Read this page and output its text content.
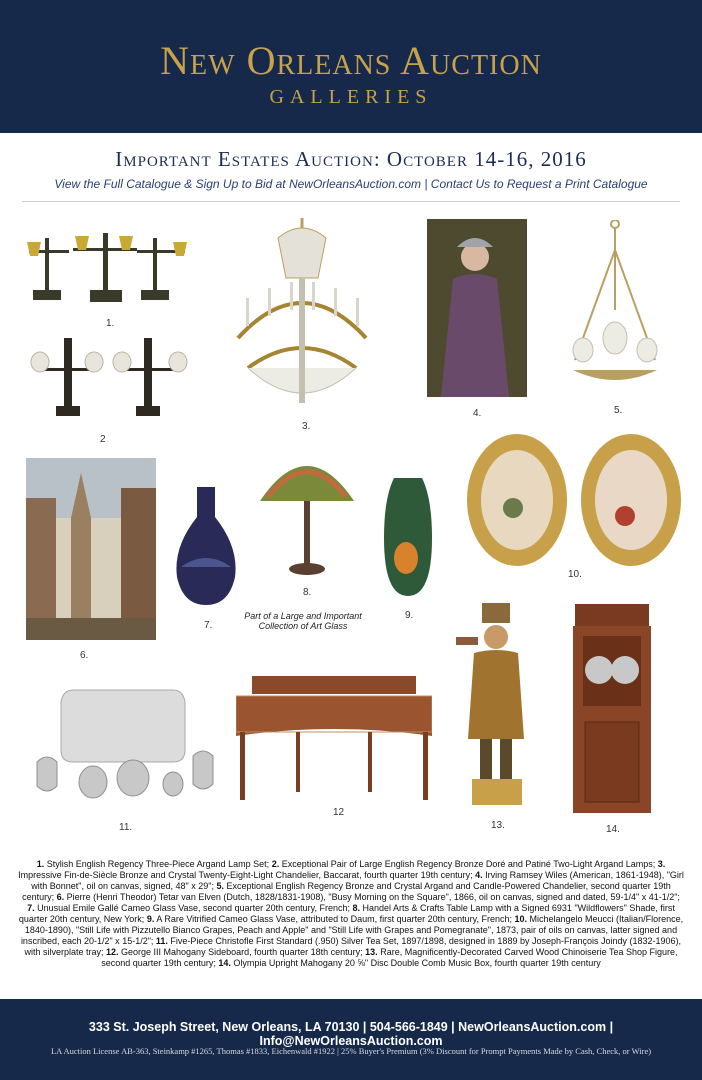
New Orleans Auction
GALLERIES
Important Estates Auction: October 14-16, 2016
View the Full Catalogue & Sign Up to Bid at NewOrleansAuction.com | Contact Us to Request a Print Catalogue
1.
2
3.
4.	5.
6.
7.
8.
9.
Part of a Large and Important Collection of Art Glass
10.
11.
12
13.	14.
1. Stylish English Regency Three-Piece Argand Lamp Set; 2. Exceptional Pair of Large English Regency Bronze Doré and Patiné Two-Light Argand Lamps; 3. Impressive Fin-de-Siècle Bronze and Crystal Twenty-Eight-Light Chandelier, Baccarat, fourth quarter 19th century; 4. Irving Ramsey Wiles (American, 1861-1948), "Girl with Bonnet", oil on canvas, signed, 48" x 29"; 5. Exceptional English Regency Bronze and Crystal Argand and Candle-Powered Chandelier, second quarter 19th century; 6. Pierre (Henri Theodor) Tetar van Elven (Dutch, 1828/1831-1908), "Busy Morning on the Square", 1866, oil on canvas, signed and dated, 59-1/4" x 41-1/2"; 7. Unusual Emile Gallé Cameo Glass Vase, second quarter 20th century, French; 8. Handel Arts & Crafts Table Lamp with a Signed 6931 "Wildflowers" Shade, first quarter 20th century, New York; 9. A Rare Vitrified Cameo Glass Vase, attributed to Daum, first quarter 20th century, French; 10. Michelangelo Meucci (Italian/Florence, 1840-1890), "Still Life with Pizzutello Bianco Grapes, Peach and Apple" and "Still Life with Grapes and Pomegranate", 1873, pair of oils on canvas, latter signed and inscribed, each 20-1/2" x 15-1/2"; 11. Five-Piece Christofle First Standard (.950) Silver Tea Set, 1897/1898, designed in 1889 by Joseph-François Joindy (1832-1906), with silverplate tray; 12. George III Mahogany Sideboard, fourth quarter 18th century; 13. Rare, Magnificently-Decorated Carved Wood Chinoiserie Tea Shop Figure, second quarter 19th century; 14. Olympia Upright Mahogany 20 ⅝" Disc Double Comb Music Box, fourth quarter 19th century
333 St. Joseph Street, New Orleans, LA 70130 | 504-566-1849 | NewOrleansAuction.com | Info@NewOrleansAuction.com
LA Auction License AB-363, Steinkamp #1265, Thomas #1833, Eichenwald #1922 | 25% Buyer's Premium (3% Discount for Prompt Payments Made by Cash, Check, or Wire)
